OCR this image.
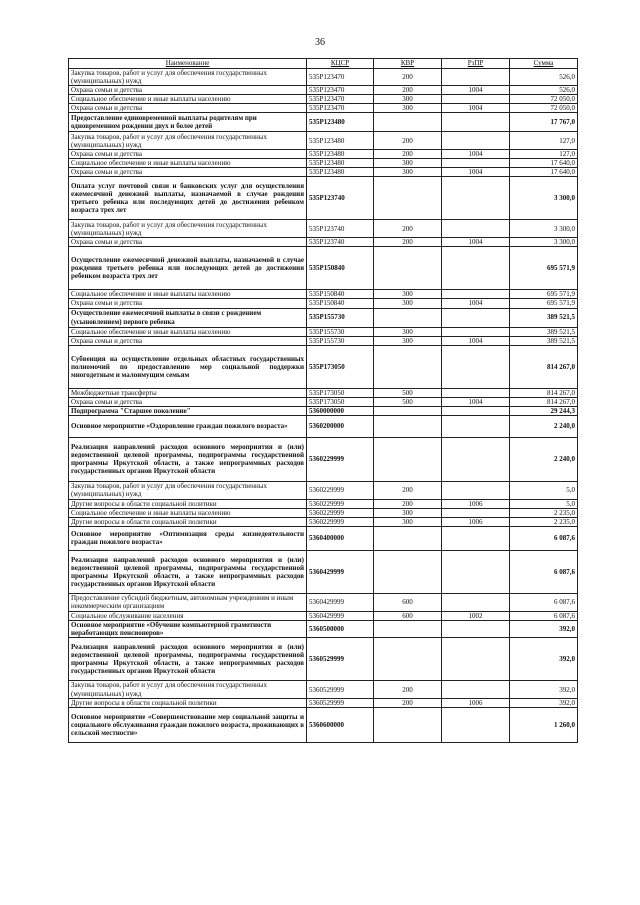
36
Наименование	КЦСР	КВР	РзПР	Сумма
Закупка товаров, работ и услуг для обеспечения государственных (муниципальных) нужд	535Р123470	200		526,0
Охрана семьи и детства	535Р123470	200	1004	526,0
Социальное обеспечение и иные выплаты населению	535Р123470	300		72 050,0
Охрана семьи и детства	535Р123470	300	1004	72 050,0
Предоставление единовременной выплаты родителям при одновременном рождении двух и более детей	535Р123480			17 767,0
Закупка товаров, работ и услуг для обеспечения государственных (муниципальных) нужд	535Р123480	200		127,0
Охрана семьи и детства	535Р123480	200	1004	127,0
Социальное обеспечение и иные выплаты населению	535Р123480	300		17 640,0
Охрана семьи и детства	535Р123480	300	1004	17 640,0
Оплата услуг почтовой связи и банковских услуг для осуществления ежемесячной денежной выплаты, назначаемой в случае рождения третьего ребенка или последующих детей до достижения ребенком возраста трех лет	535Р123740			3 300,0
Закупка товаров, работ и услуг для обеспечения государственных (муниципальных) нужд	535Р123740	200		3 300,0
Охрана семьи и детства	535Р123740	200	1004	3 300,0
Осуществление ежемесячной денежной выплаты, назначаемой в случае рождения третьего ребенка или последующих детей до достижения ребенком возраста трех лет	535Р150840			695 571,9
Социальное обеспечение и иные выплаты населению	535Р150840	300		695 571,9
Охрана семьи и детства	535Р150840	300	1004	695 571,9
Осуществление ежемесячной выплаты в связи с рождением (усыновлением) первого ребенка	535Р155730			389 521,5
Социальное обеспечение и иные выплаты населению	535Р155730	300		389 521,5
Охрана семьи и детства	535Р155730	300	1004	389 521,5
Субвенция на осуществление отдельных областных государственных полномочий по предоставлению мер социальной поддержки многодетным и малоимущим семьям	535Р173050			814 267,0
Межбюджетные трансферты	535Р173050	500		814 267,0
Охрана семьи и детства	535Р173050	500	1004	814 267,0
Подпрограмма "Старшее поколение"	5360000000			29 244,3
Основное мероприятие «Оздоровление граждан пожилого возраста»	5360200000			2 240,0
Реализация направлений расходов основного мероприятия и (или) ведомственной целевой программы, подпрограммы государственной программы Иркутской области, а также непрограммных расходов государственных органов Иркутской области	5360229999			2 240,0
Закупка товаров, работ и услуг для обеспечения государственных (муниципальных) нужд	5360229999	200		5,0
Другие вопросы в области социальной политики	5360229999	200	1006	5,0
Социальное обеспечение и иные выплаты населению	5360229999	300		2 235,0
Другие вопросы в области социальной политики	5360229999	300	1006	2 235,0
Основное мероприятие «Оптимизация среды жизнедеятельности граждан пожилого возраста»	5360400000			6 087,6
Реализация направлений расходов основного мероприятия и (или) ведомственной целевой программы, подпрограммы государственной программы Иркутской области, а также непрограммных расходов государственных органов Иркутской области	5360429999			6 087,6
Предоставление субсидий бюджетным, автономным учреждениям и иным некоммерческим организациям	5360429999	600		6 087,6
Социальное обслуживание населения	5360429999	600	1002	6 087,6
Основное мероприятие «Обучение компьютерной грамотности неработающих пенсионеров»	5360500000			392,0
Реализация направлений расходов основного мероприятия и (или) ведомственной целевой программы, подпрограммы государственной программы Иркутской области, а также непрограммных расходов государственных органов Иркутской области	5360529999			392,0
Закупка товаров, работ и услуг для обеспечения государственных (муниципальных) нужд	5360529999	200		392,0
Другие вопросы в области социальной политики	5360529999	200	1006	392,0
Основное мероприятие «Совершенствование мер социальной защиты и социального обслуживания граждан пожилого возраста, проживающих в сельской местности»	5360600000			1 260,0
